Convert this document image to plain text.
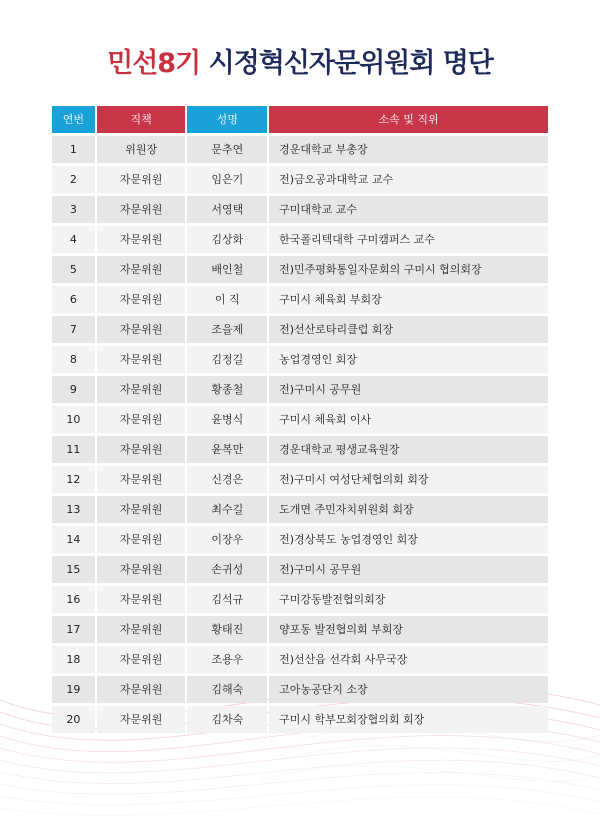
민선8기 시정혁신자문위원회 명단
연번	직책	성명	소속 및 직위
1	위원장	문추연	경운대학교 부총장
2	자문위원	임은기	전)금오공과대학교 교수
3	자문위원	서영택	구미대학교 교수
4	자문위원	김상화	한국폴리텍대학 구미캠퍼스 교수
5	자문위원	배인철	전)민주평화통일자문회의 구미시 협의회장
6	자문위원	이 직	구미시 체육회 부회장
7	자문위원	조을제	전)선산로타리클럽 회장
8	자문위원	김정길	농업경영인 회장
9	자문위원	황종철	전)구미시 공무원
10	자문위원	윤병식	구미시 체육회 이사
11	자문위원	윤복만	경운대학교 평생교육원장
12	자문위원	신경은	전)구미시 여성단체협의회 회장
13	자문위원	최수길	도개면 주민자치위원회 회장
14	자문위원	이장우	전)경상북도 농업경영인 회장
15	자문위원	손귀성	전)구미시 공무원
16	자문위원	김석규	구미강동발전협의회장
17	자문위원	황태진	양포동 발전협의회 부회장
18	자문위원	조용우	전)선산읍 선각회 사무국장
19	자문위원	김해숙	고아농공단지 소장
20	자문위원	김차숙	구미시 학부모회장협의회 회장
